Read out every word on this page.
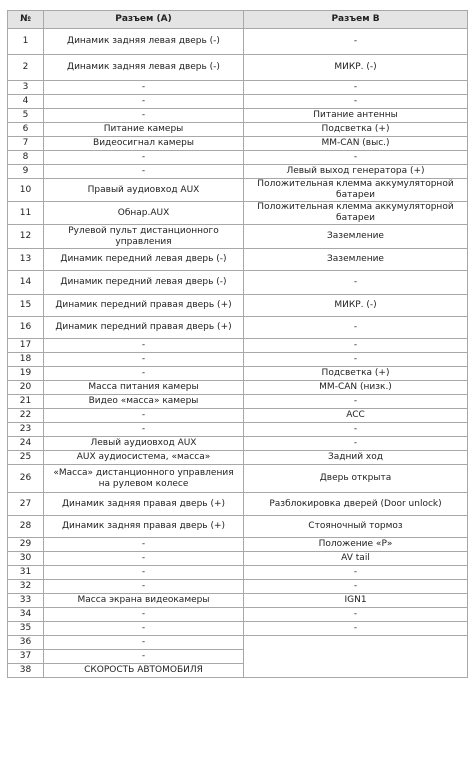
№	Разъем (A)	Разъем B
1	Динамик задняя левая дверь (-)	-
2	Динамик задняя левая дверь (-)	МИКР. (-)
3	-	-
4	-	-
5	-	Питание антенны
6	Питание камеры	Подсветка (+)
7	Видеосигнал камеры	MM-CAN (выс.)
8	-	-
9	-	Левый выход генератора (+)
10	Правый аудиовход AUX	Положительная клемма аккумуляторной батареи
11	Обнар.AUX	Положительная клемма аккумуляторной батареи
12	Рулевой пульт дистанционного управления	Заземление
13	Динамик передний левая дверь (-)	Заземление
14	Динамик передний левая дверь (-)	-
15	Динамик передний правая дверь (+)	МИКР. (-)
16	Динамик передний правая дверь (+)	-
17	-	-
18	-	-
19	-	Подсветка (+)
20	Масса питания камеры	MM-CAN (низк.)
21	Видео «масса» камеры	-
22	-	ACC
23	-	-
24	Левый аудиовход AUX	-
25	AUX аудиосистема, «масса»	Задний ход
26	«Масса» дистанционного управления на рулевом колесе	Дверь открыта
27	Динамик задняя правая дверь (+)	Разблокировка дверей (Door unlock)
28	Динамик задняя правая дверь (+)	Стояночный тормоз
29	-	Положение «P»
30	-	AV tail
31	-	-
32	-	-
33	Масса экрана видеокамеры	IGN1
34	-	-
35	-	-
36	-	
37	-	
38	СКОРОСТЬ АВТОМОБИЛЯ	
